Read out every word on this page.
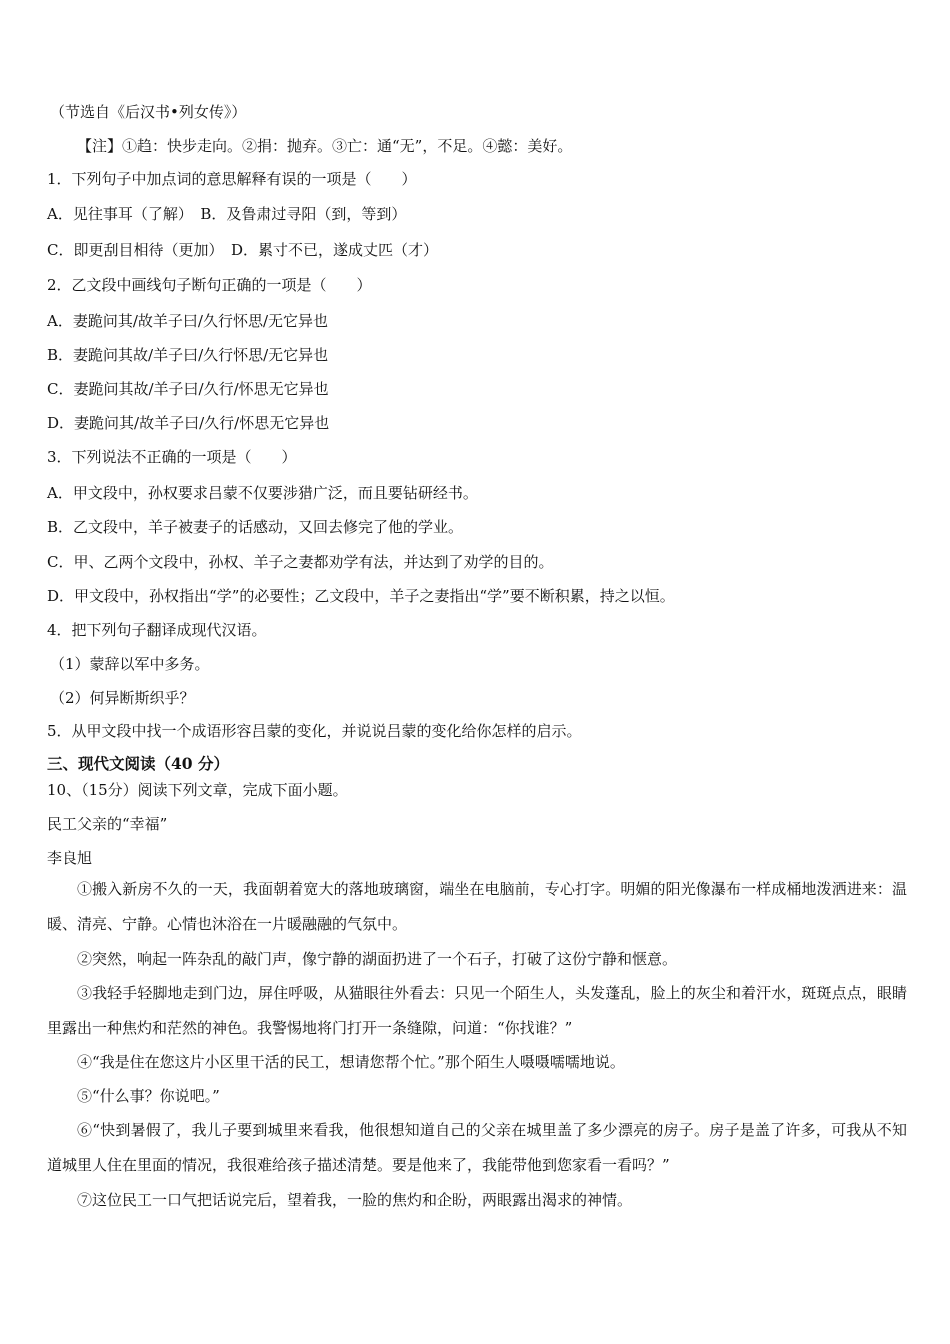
（节选自《后汉书•列女传》）
【注】①趋：快步走向。②捐：抛弃。③亡：通“无”，不足。④懿：美好。
1．下列句子中加点词的意思解释有误的一项是（　　）
A．见往事耳（了解）　B．及鲁肃过寻阳（到，等到）
C．即更刮目相待（更加）　D．累寸不已，遂成丈匹（才）
2．乙文段中画线句子断句正确的一项是（　　）
A．妻跪问其/故羊子曰/久行怀思/无它异也
B．妻跪问其故/羊子曰/久行怀思/无它异也
C．妻跪问其故/羊子曰/久行/怀思无它异也
D．妻跪问其/故羊子曰/久行/怀思无它异也
3．下列说法不正确的一项是（　　）
A．甲文段中，孙权要求吕蒙不仅要涉猎广泛，而且要钻研经书。
B．乙文段中，羊子被妻子的话感动，又回去修完了他的学业。
C．甲、乙两个文段中，孙权、羊子之妻都劝学有法，并达到了劝学的目的。
D．甲文段中，孙权指出“学”的必要性；乙文段中，羊子之妻指出“学”要不断积累，持之以恒。
4．把下列句子翻译成现代汉语。
（1）蒙辞以军中多务。
（2）何异断斯织乎？
5．从甲文段中找一个成语形容吕蒙的变化，并说说吕蒙的变化给你怎样的启示。
三、现代文阅读（40 分）
10、（15分）阅读下列文章，完成下面小题。
民工父亲的“幸福”
李良旭
①搬入新房不久的一天，我面朝着宽大的落地玻璃窗，端坐在电脑前，专心打字。明媚的阳光像瀑布一样成桶地泼洒进来：温暖、清亮、宁静。心情也沐浴在一片暖融融的气氛中。
②突然，响起一阵杂乱的敲门声，像宁静的湖面扔进了一个石子，打破了这份宁静和惬意。
③我轻手轻脚地走到门边，屏住呼吸，从猫眼往外看去：只见一个陌生人，头发蓬乱，脸上的灰尘和着汗水，斑斑点点，眼睛里露出一种焦灼和茫然的神色。我警惕地将门打开一条缝隙，问道：“你找谁？”
④“我是住在您这片小区里干活的民工，想请您帮个忙。”那个陌生人嗫嗫嚅嚅地说。
⑤“什么事？你说吧。”
⑥“快到暑假了，我儿子要到城里来看我，他很想知道自己的父亲在城里盖了多少漂亮的房子。房子是盖了许多，可我从不知道城里人住在里面的情况，我很难给孩子描述清楚。要是他来了，我能带他到您家看一看吗？”
⑦这位民工一口气把话说完后，望着我，一脸的焦灼和企盼，两眼露出渴求的神情。
